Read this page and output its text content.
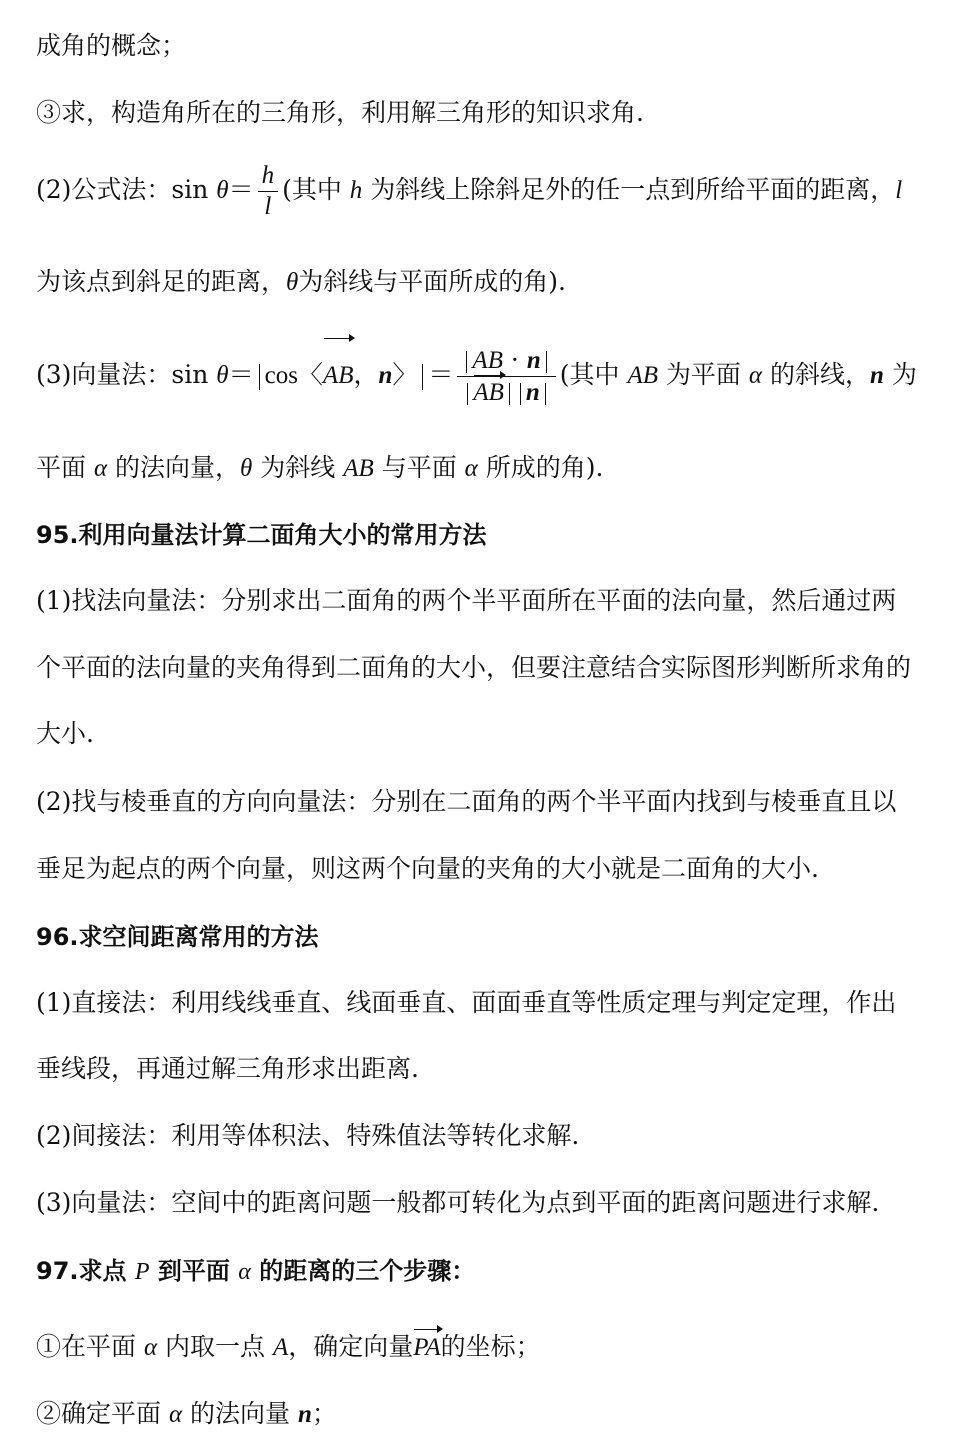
成角的概念；
③求，构造角所在的三角形，利用解三角形的知识求角.
(2)公式法：$\sin \theta= \frac{h}{l}$ (其中 h 为斜线上除斜足外的任一点到所给平面的距离，l
为该点到斜足的距离，θ为斜线与平面所成的角).
(3)向量法：sin θ＝ cos〈AB，n〉 ＝ $\frac{AB \cdot n}{\text{AB n}}$ (其中 AB 为平面 α 的斜线，n 为
平面 α 的法向量，θ 为斜线 AB 与平面 α 所成的角).
95.利用向量法计算二面角大小的常用方法
(1)找法向量法：分别求出二面角的两个半平面所在平面的法向量，然后通过两
个平面的法向量的夹角得到二面角的大小，但要注意结合实际图形判断所求角的
大小.
(2)找与棱垂直的方向向量法：分别在二面角的两个半平面内找到与棱垂直且以
垂足为起点的两个向量，则这两个向量的夹角的大小就是二面角的大小.
96.求空间距离常用的方法
(1)直接法：利用线线垂直、线面垂直、面面垂直等性质定理与判定定理，作出
垂线段，再通过解三角形求出距离.
(2)间接法：利用等体积法、特殊值法等转化求解.
(3)向量法：空间中的距离问题一般都可转化为点到平面的距离问题进行求解.
97.求点 P 到平面 α 的距离的三个步骤：
①在平面 α 内取一点 A，确定向量PA的坐标；
②确定平面 α 的法向量 n；
